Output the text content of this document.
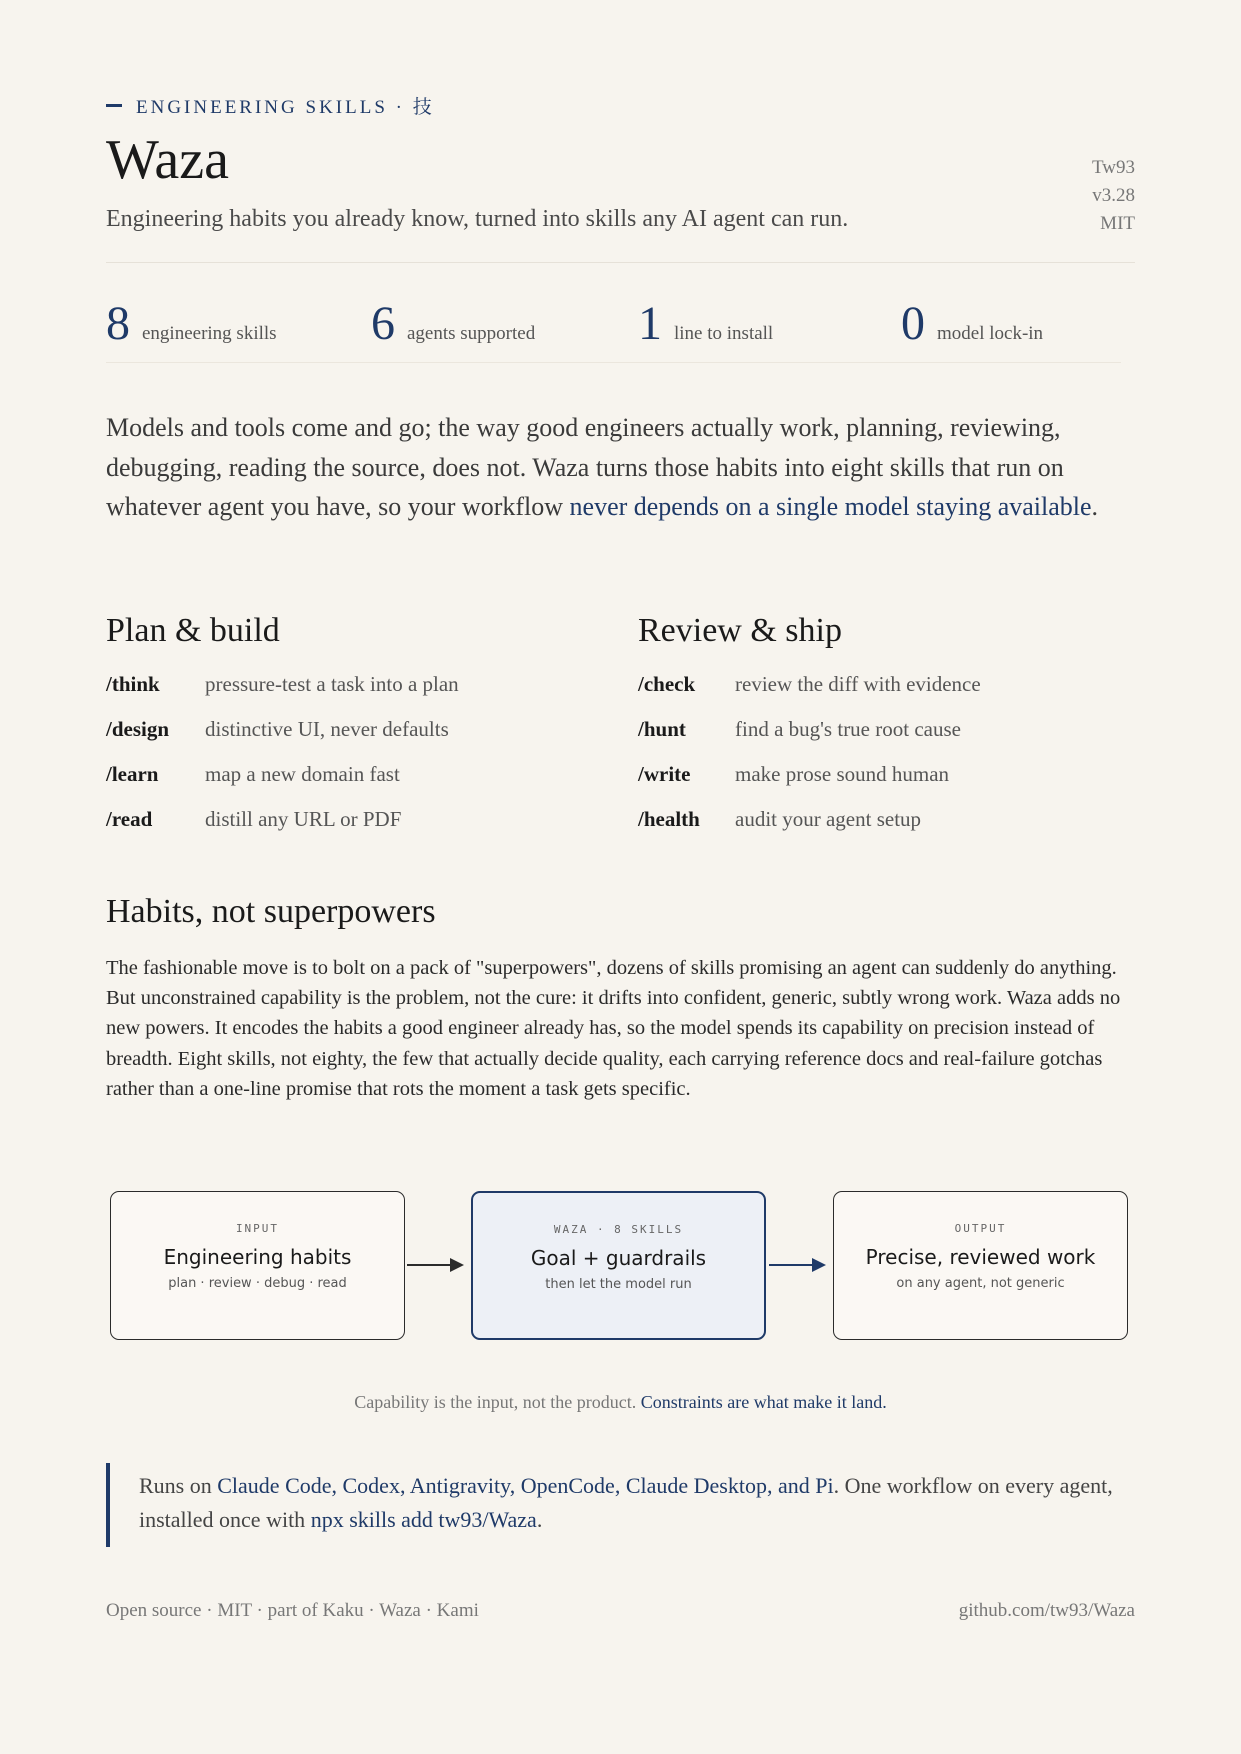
ENGINEERING SKILLS · 技
Waza
Engineering habits you already know, turned into skills any AI agent can run.
Tw93
v3.28
MIT
8 engineering skills 6 agents supported 1 line to install	0 model lock-in

Models and tools come and go; the way good engineers actually work, planning, reviewing, debugging, reading the source, does not. Waza turns those habits into eight skills that run on whatever agent you have, so your workflow never depends on a single model staying available.

Plan & build
/think	pressure-test a task into a plan
/design	distinctive UI, never defaults
/learn	map a new domain fast
/read	distill any URL or PDF
Review & ship
/check	review the diff with evidence
/hunt	find a bug's true root cause
/write	make prose sound human
/health	audit your agent setup
Habits, not superpowers

The fashionable move is to bolt on a pack of "superpowers", dozens of skills promising an agent can suddenly do anything. But unconstrained capability is the problem, not the cure: it drifts into confident, generic, subtly wrong work. Waza adds no new powers. It encodes the habits a good engineer already has, so the model spends its capability on precision instead of breadth. Eight skills, not eighty, the few that actually decide quality, each carrying reference docs and real-failure gotchas rather than a one-line promise that rots the moment a task gets specific.

INPUT
Engineering habits
plan · review · debug · read
WAZA · 8 SKILLS
Goal + guardrails
then let the model run
OUTPUT
Precise, reviewed work
on any agent, not generic

Capability is the input, not the product. Constraints are what make it land.

Runs on Claude Code, Codex, Antigravity, OpenCode, Claude Desktop, and Pi. One workflow on every agent, installed once with npx skills add tw93/Waza.
Open source · MIT · part of Kaku · Waza · Kami	github.com/tw93/Waza
